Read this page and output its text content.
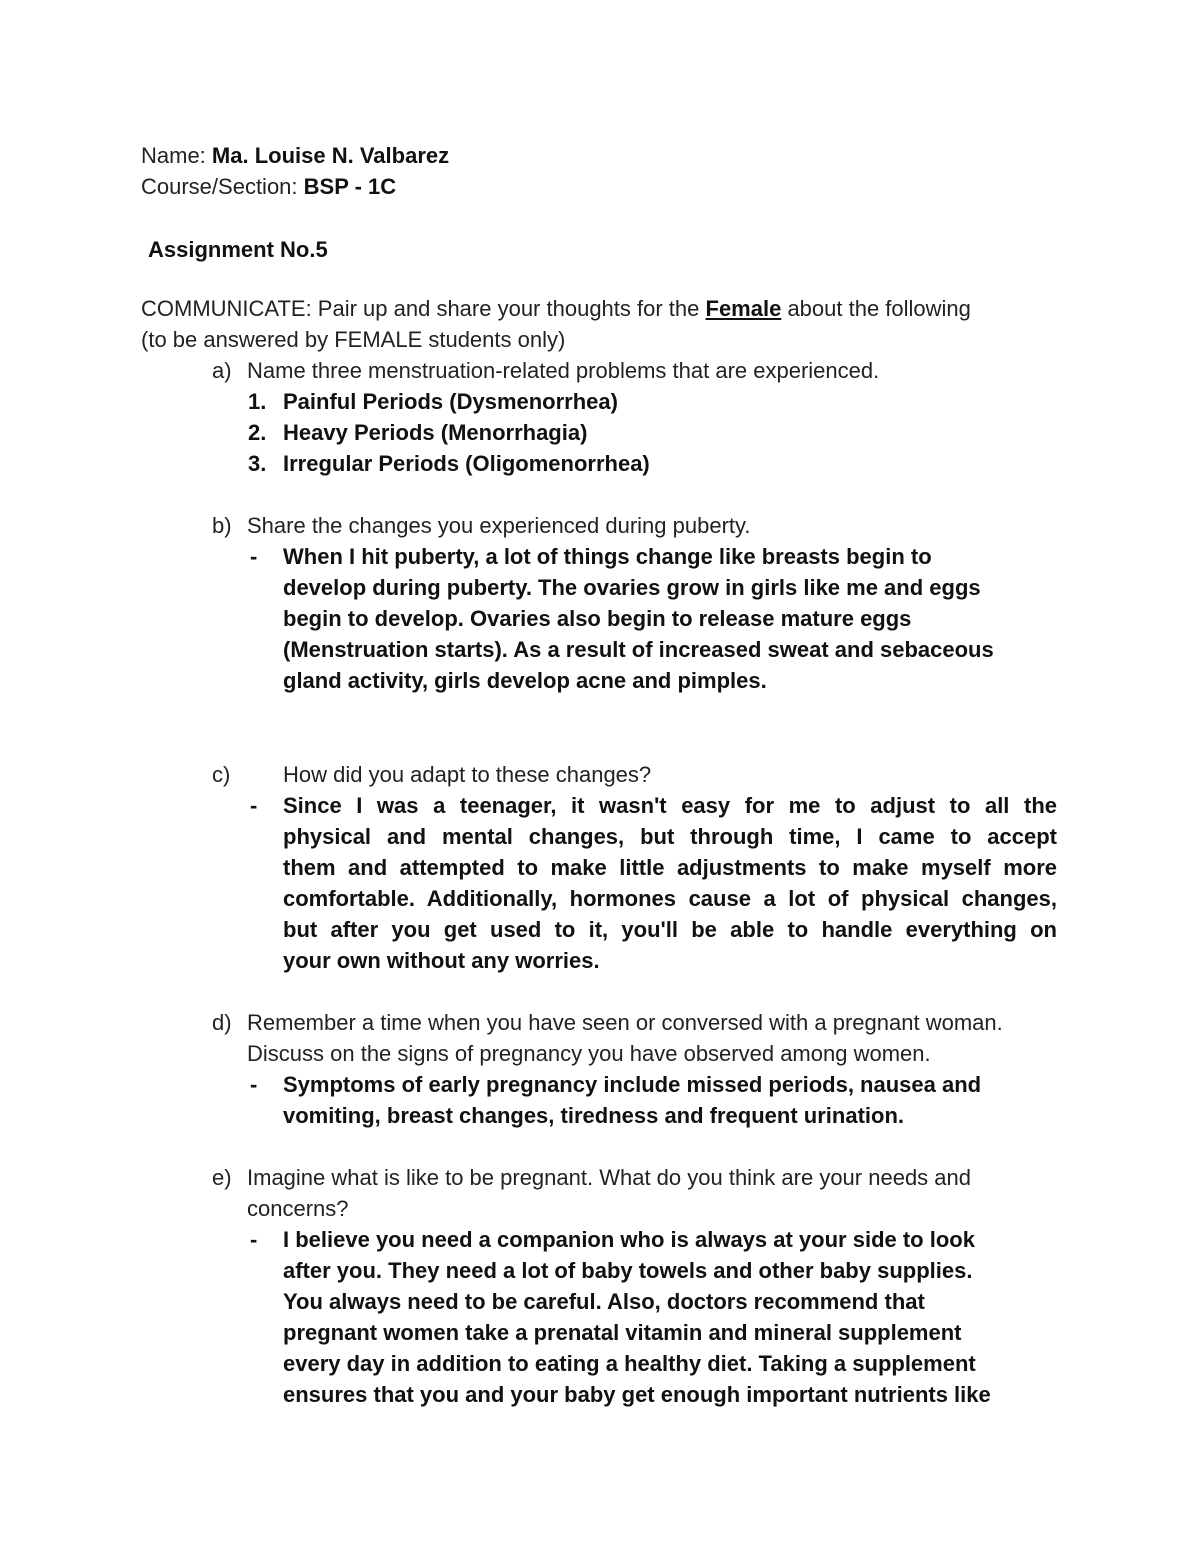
Name: Ma. Louise N. Valbarez
Course/Section: BSP - 1C
Assignment No.5
COMMUNICATE: Pair up and share your thoughts for the Female about the following
(to be answered by FEMALE students only)
a) Name three menstruation-related problems that are experienced.
1. Painful Periods (Dysmenorrhea)
2. Heavy Periods (Menorrhagia)
3. Irregular Periods (Oligomenorrhea)
b) Share the changes you experienced during puberty.
- When I hit puberty, a lot of things change like breasts begin to
develop during puberty. The ovaries grow in girls like me and eggs
begin to develop. Ovaries also begin to release mature eggs
(Menstruation starts). As a result of increased sweat and sebaceous
gland activity, girls develop acne and pimples.
c) How did you adapt to these changes?
- Since I was a teenager, it wasn't easy for me to adjust to all the
physical and mental changes, but through time, I came to accept
them and attempted to make little adjustments to make myself more
comfortable. Additionally, hormones cause a lot of physical changes,
but after you get used to it, you'll be able to handle everything on
your own without any worries.
d) Remember a time when you have seen or conversed with a pregnant woman.
Discuss on the signs of pregnancy you have observed among women.
- Symptoms of early pregnancy include missed periods, nausea and
vomiting, breast changes, tiredness and frequent urination.
e) Imagine what is like to be pregnant. What do you think are your needs and
concerns?
- I believe you need a companion who is always at your side to look
after you. They need a lot of baby towels and other baby supplies.
You always need to be careful. Also, doctors recommend that
pregnant women take a prenatal vitamin and mineral supplement
every day in addition to eating a healthy diet. Taking a supplement
ensures that you and your baby get enough important nutrients like
